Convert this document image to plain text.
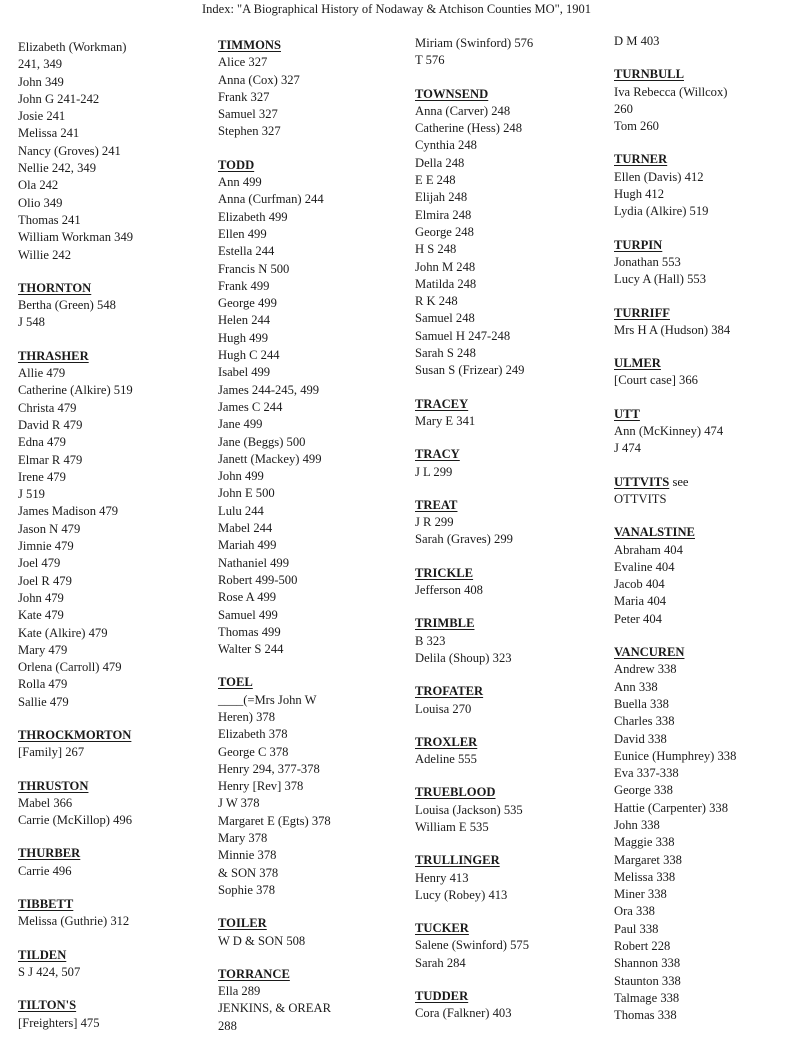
Index: "A Biographical History of Nodaway & Atchison Counties MO", 1901
Elizabeth (Workman)
241, 349
John 349
John G 241-242
Josie 241
Melissa 241
Nancy (Groves) 241
Nellie 242, 349
Ola 242
Olio 349
Thomas 241
William Workman 349
Willie 242
THORNTON
Bertha (Green) 548
J 548
THRASHER
Allie 479
Catherine (Alkire) 519
Christa 479
David R 479
Edna 479
Elmar R 479
Irene 479
J 519
James Madison 479
Jason N 479
Jimnie 479
Joel 479
Joel R 479
John 479
Kate 479
Kate (Alkire) 479
Mary 479
Orlena (Carroll) 479
Rolla 479
Sallie 479
THROCKMORTON
[Family] 267
THRUSTON
Mabel 366
Carrie (McKillop) 496
THURBER
Carrie 496
TIBBETT
Melissa (Guthrie) 312
TILDEN
S J 424, 507
TILTON'S
[Freighters] 475
TIMMONS
Alice 327
Anna (Cox) 327
Frank 327
Samuel 327
Stephen 327
TODD
Ann 499
Anna (Curfman) 244
Elizabeth 499
Ellen 499
Estella 244
Francis N 500
Frank 499
George 499
Helen 244
Hugh 499
Hugh C 244
Isabel 499
James 244-245, 499
James C 244
Jane 499
Jane (Beggs) 500
Janett (Mackey) 499
John 499
John E 500
Lulu 244
Mabel 244
Mariah 499
Nathaniel 499
Robert 499-500
Rose A 499
Samuel 499
Thomas 499
Walter S 244
TOEL
____(=Mrs John W
Heren) 378
Elizabeth 378
George C 378
Henry 294, 377-378
Henry [Rev] 378
J W 378
Margaret E (Egts) 378
Mary 378
Minnie 378
& SON 378
Sophie 378
TOILER
W D & SON 508
TORRANCE
Ella 289
JENKINS, & OREAR
288
Miriam (Swinford) 576
T 576
TOWNSEND
Anna (Carver) 248
Catherine (Hess) 248
Cynthia 248
Della 248
E E 248
Elijah 248
Elmira 248
George 248
H S 248
John M 248
Matilda 248
R K 248
Samuel 248
Samuel H 247-248
Sarah S 248
Susan S (Frizear) 249
TRACEY
Mary E 341
TRACY
J L 299
TREAT
J R 299
Sarah (Graves) 299
TRICKLE
Jefferson 408
TRIMBLE
B 323
Delila (Shoup) 323
TROFATER
Louisa 270
TROXLER
Adeline 555
TRUEBLOOD
Louisa (Jackson) 535
William E 535
TRULLINGER
Henry 413
Lucy (Robey) 413
TUCKER
Salene (Swinford) 575
Sarah 284
TUDDER
Cora (Falkner) 403
D M 403
TURNBULL
Iva Rebecca (Willcox)
260
Tom 260
TURNER
Ellen (Davis) 412
Hugh 412
Lydia (Alkire) 519
TURPIN
Jonathan 553
Lucy A (Hall) 553
TURRIFF
Mrs H A (Hudson) 384
ULMER
[Court case] 366
UTT
Ann (McKinney) 474
J 474
UTTVITS see
OTTVITS
VANALSTINE
Abraham 404
Evaline 404
Jacob 404
Maria 404
Peter 404
VANCUREN
Andrew 338
Ann 338
Buella 338
Charles 338
David 338
Eunice (Humphrey) 338
Eva 337-338
George 338
Hattie (Carpenter) 338
John 338
Maggie 338
Margaret 338
Melissa 338
Miner 338
Ora 338
Paul 338
Robert 228
Shannon 338
Staunton 338
Talmage 338
Thomas 338
